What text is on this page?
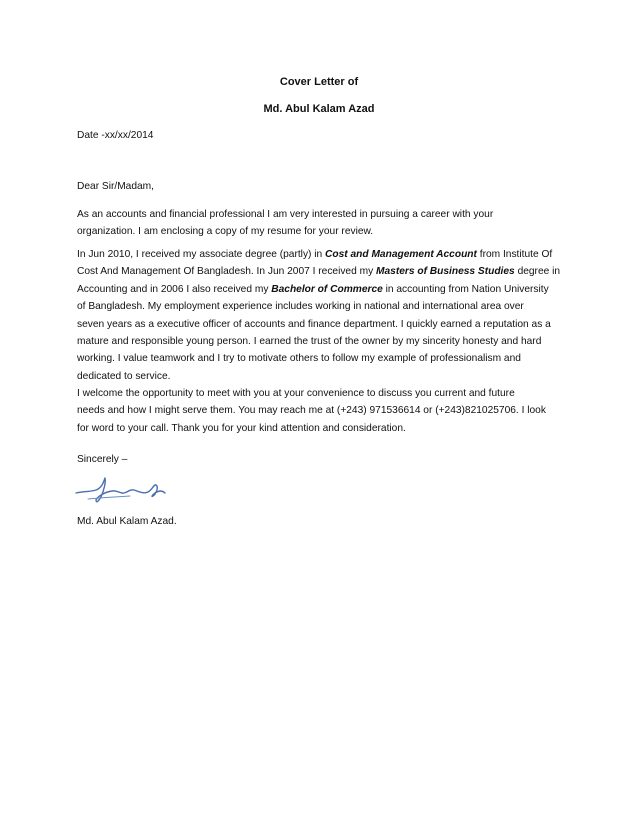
Cover Letter of
Md. Abul Kalam Azad
Date -xx/xx/2014
Dear Sir/Madam,
As an accounts and financial professional I am very interested in pursuing a career with your
organization. I am enclosing a copy of my resume for your review.
In Jun 2010, I received my associate degree (partly) in Cost and Management Account from Institute Of
Cost And Management Of Bangladesh. In Jun 2007 I received my Masters of Business Studies degree in
Accounting and in 2006 I also received my Bachelor of Commerce in accounting from Nation University
of Bangladesh. My employment experience includes working in national and international area over
seven years as a executive officer of accounts and finance department. I quickly earned a reputation as a
mature and responsible young person. I earned the trust of the owner by my sincerity honesty and hard
working. I value teamwork and I try to motivate others to follow my example of professionalism and
dedicated to service.
I welcome the opportunity to meet with you at your convenience to discuss you current and future
needs and how I might serve them. You may reach me at (+243) 971536614 or (+243)821025706. I look
for word to your call. Thank you for your kind attention and consideration.
Sincerely –
Md. Abul Kalam Azad.
